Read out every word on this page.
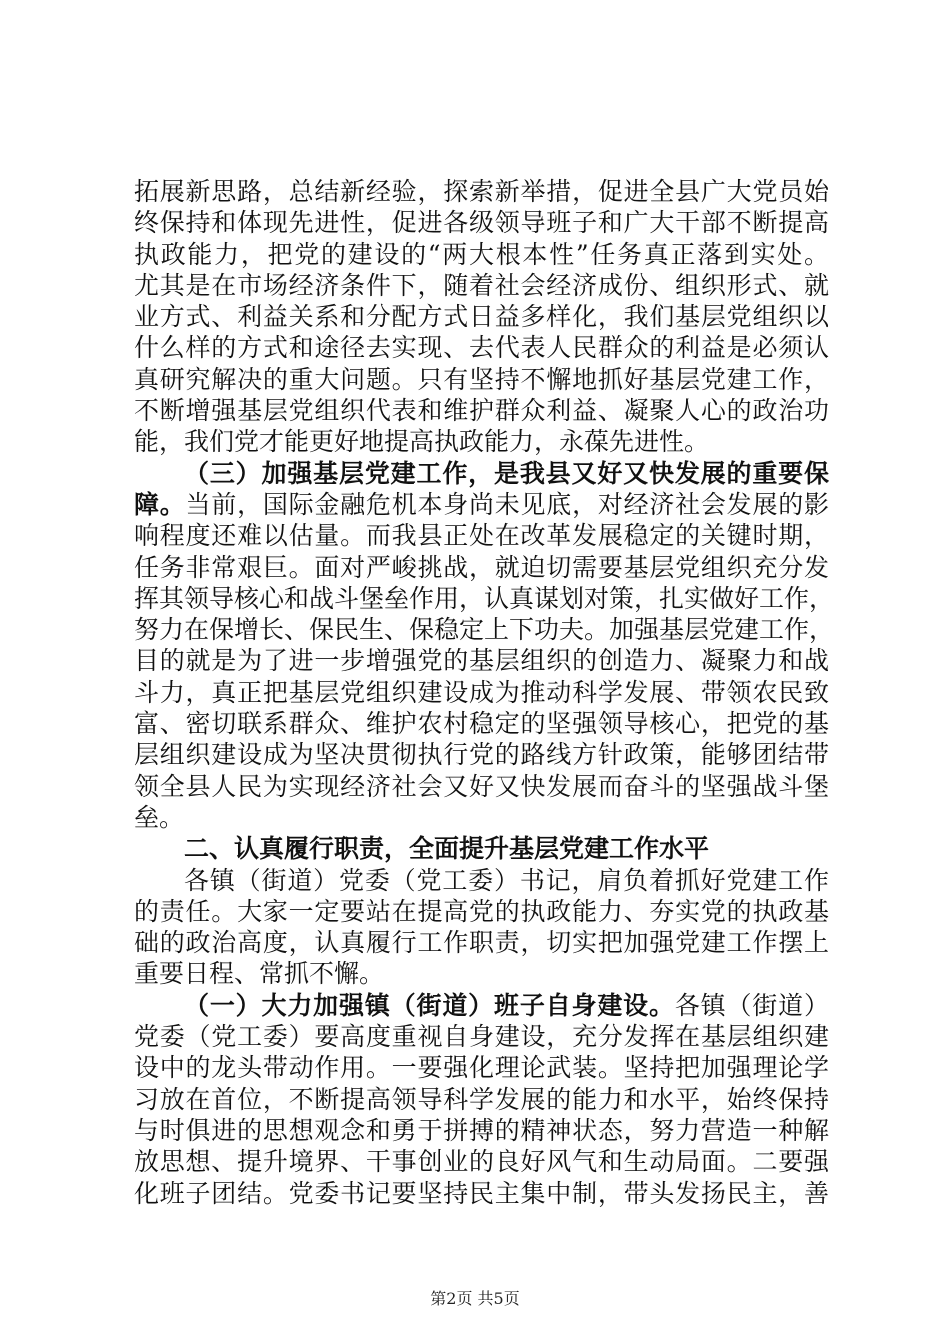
拓展新思路，总结新经验，探索新举措，促进全县广大党员始
终保持和体现先进性，促进各级领导班子和广大干部不断提高
执政能力，把党的建设的“两大根本性”任务真正落到实处。
尤其是在市场经济条件下，随着社会经济成份、组织形式、就
业方式、利益关系和分配方式日益多样化，我们基层党组织以
什么样的方式和途径去实现、去代表人民群众的利益是必须认
真研究解决的重大问题。只有坚持不懈地抓好基层党建工作，
不断增强基层党组织代表和维护群众利益、凝聚人心的政治功
能，我们党才能更好地提高执政能力，永葆先进性。
（三）加强基层党建工作，是我县又好又快发展的重要保
障。当前，国际金融危机本身尚未见底，对经济社会发展的影
响程度还难以估量。而我县正处在改革发展稳定的关键时期，
任务非常艰巨。面对严峻挑战，就迫切需要基层党组织充分发
挥其领导核心和战斗堡垒作用，认真谋划对策，扎实做好工作，
努力在保增长、保民生、保稳定上下功夫。加强基层党建工作，
目的就是为了进一步增强党的基层组织的创造力、凝聚力和战
斗力，真正把基层党组织建设成为推动科学发展、带领农民致
富、密切联系群众、维护农村稳定的坚强领导核心，把党的基
层组织建设成为坚决贯彻执行党的路线方针政策，能够团结带
领全县人民为实现经济社会又好又快发展而奋斗的坚强战斗堡
垒。
二、认真履行职责，全面提升基层党建工作水平
各镇（街道）党委（党工委）书记，肩负着抓好党建工作
的责任。大家一定要站在提高党的执政能力、夯实党的执政基
础的政治高度，认真履行工作职责，切实把加强党建工作摆上
重要日程、常抓不懈。
（一）大力加强镇（街道）班子自身建设。各镇（街道）
党委（党工委）要高度重视自身建设，充分发挥在基层组织建
设中的龙头带动作用。一要强化理论武装。坚持把加强理论学
习放在首位，不断提高领导科学发展的能力和水平，始终保持
与时俱进的思想观念和勇于拼搏的精神状态，努力营造一种解
放思想、提升境界、干事创业的良好风气和生动局面。二要强
化班子团结。党委书记要坚持民主集中制，带头发扬民主，善
第2页 共5页
